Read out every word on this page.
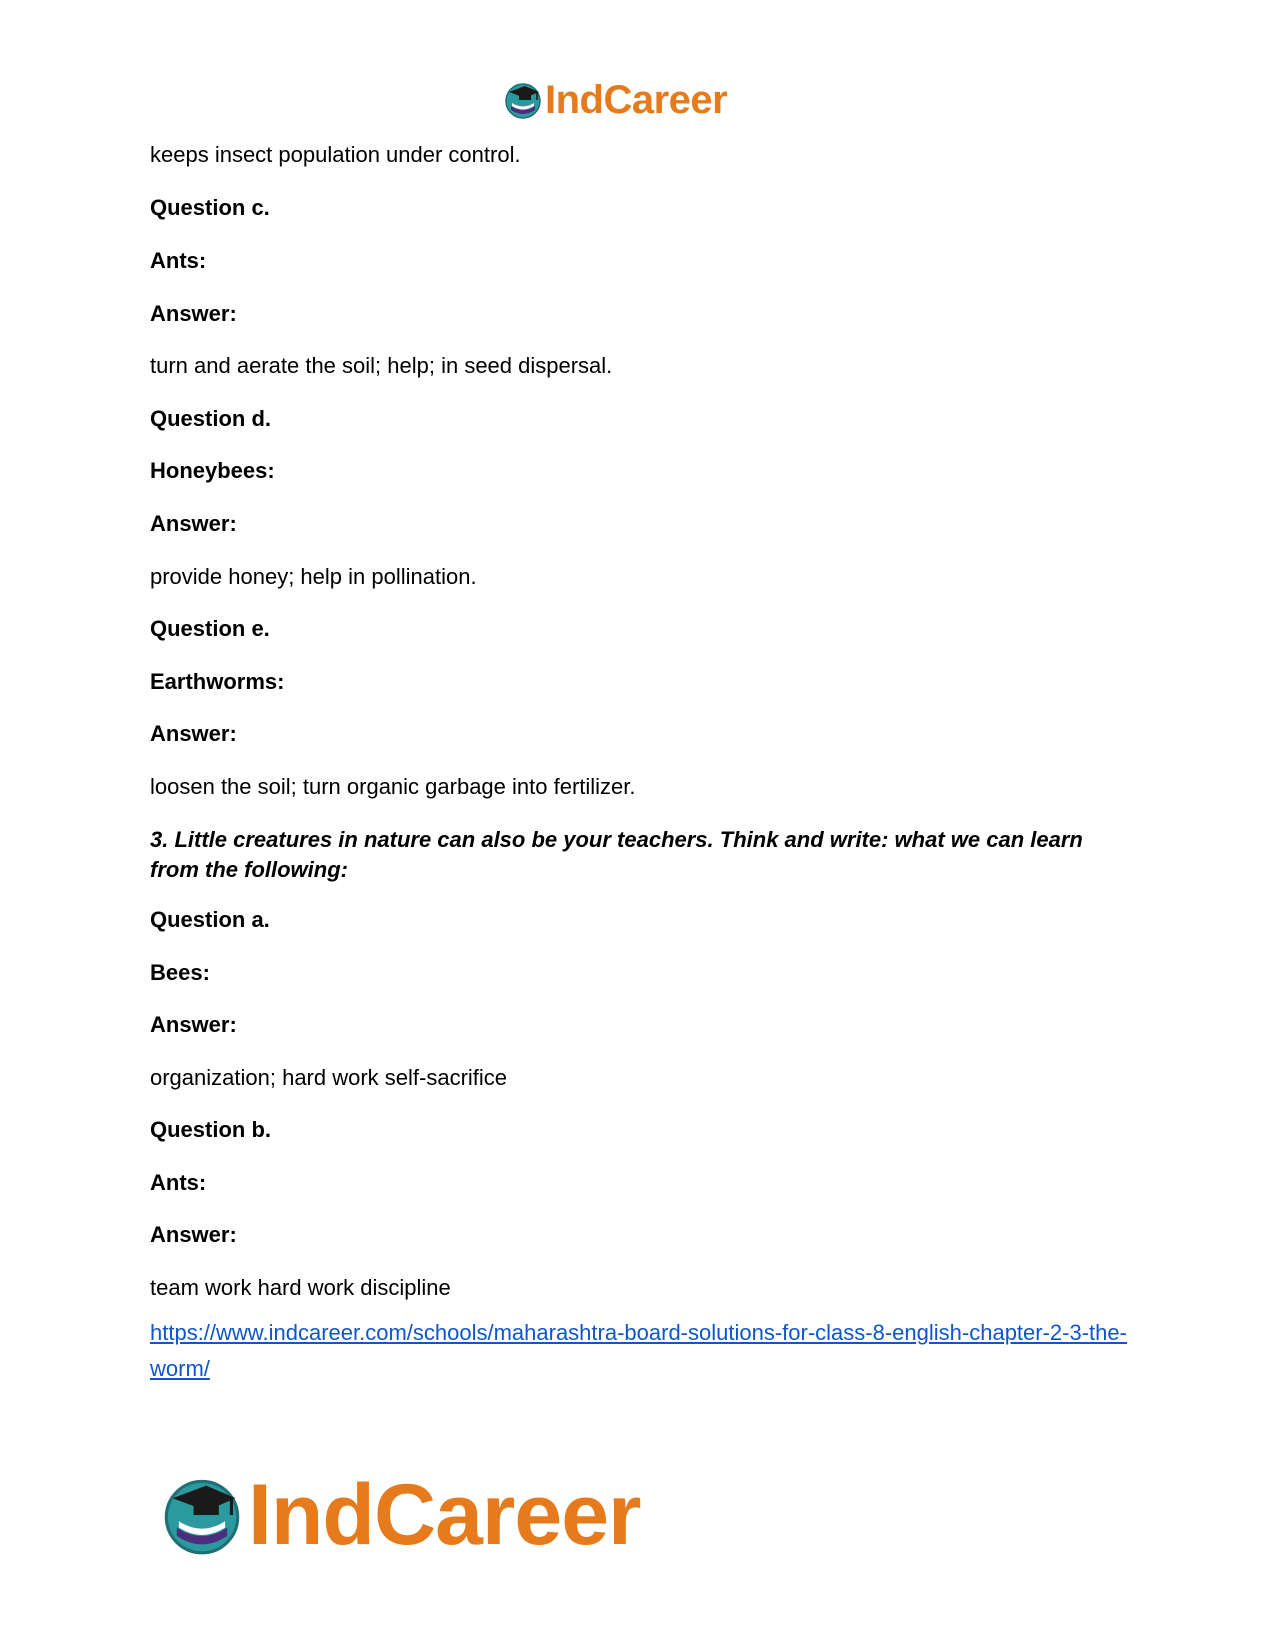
IndCareer

keeps insect population under control.

Question c.

Ants:

Answer:

turn and aerate the soil; help; in seed dispersal.

Question d.

Honeybees:

Answer:

provide honey; help in pollination.

Question e.

Earthworms:

Answer:

loosen the soil; turn organic garbage into fertilizer.

3. Little creatures in nature can also be your teachers. Think and write: what we can learn from the following:

Question a.

Bees:

Answer:

organization; hard work self-sacrifice

Question b.

Ants:

Answer:

team work hard work discipline

https://www.indcareer.com/schools/maharashtra-board-solutions-for-class-8-english-chapter-2-3-the-worm/
IndCareer
